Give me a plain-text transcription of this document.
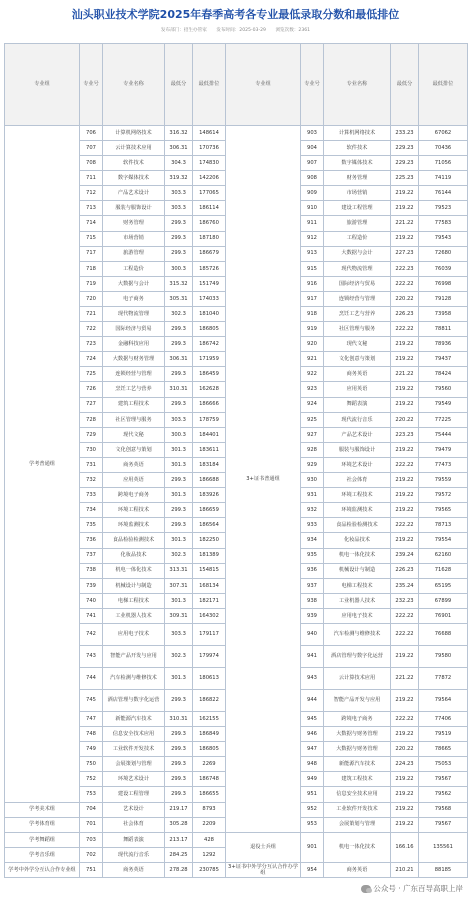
汕头职业技术学院2025年春季高考各专业最低录取分数和最低排位
发布部门：招生办管家 发布时间：2025-03-29 浏览次数：2361
专业组	专业号	专业名称	最低分	最低排位	专业组	专业号	专业名称	最低分	最低排位
学考普通组	706	计算机网络技术	316.32	148614	3+证书普通组	903	计算机网络技术	233.23	67062
	707	云计算技术应用	306.31	170736		904	软件技术	229.23	70436
	708	软件技术	304.3	174830		907	数字媒体技术	229.23	71056
	711	数字媒体技术	319.32	142206		908	财务管理	225.23	74119
	712	产品艺术设计	303.3	177065		909	市场营销	219.22	76144
	713	服装与服饰设计	303.3	186114		910	建设工程管理	219.22	79523
	714	财务管理	299.3	186760		911	旅游管理	221.22	77583
	715	市场营销	299.3	187180		912	工程造价	219.22	79543
	717	旅游管理	299.3	186679		913	大数据与会计	227.23	72680
	718	工程造价	300.3	185726		915	现代物流管理	222.23	76039
	719	大数据与会计	315.32	151749		916	国际经济与贸易	222.22	76998
	720	电子商务	305.31	174033		917	连锁经营与管理	220.22	79128
	721	现代物流管理	302.3	181040		918	烹饪工艺与营养	226.23	73958
	722	国际经济与贸易	299.3	186805		919	社区管理与服务	222.22	78811
	723	金融科技应用	299.3	186742		920	现代文秘	219.22	78936
	724	大数据与财务管理	306.31	171959		921	文化创意与策划	219.22	79437
	725	连锁经营与管理	299.3	186459		922	商务英语	221.22	78424
	726	烹饪工艺与营养	310.31	162628		923	应用英语	219.22	79560
	727	建筑工程技术	299.3	186666		924	舞蹈表演	219.22	79549
	728	社区管理与服务	303.3	178759		925	现代流行音乐	220.22	77225
	729	现代文秘	300.3	184401		927	产品艺术设计	223.23	75444
	730	文化创意与策划	301.3	183611		928	服装与服饰设计	219.22	79479
	731	商务英语	301.3	183184		929	环境艺术设计	222.22	77473
	732	应用英语	299.3	186688		930	社会体育	219.22	79559
	733	跨境电子商务	301.3	183926		931	环境工程技术	219.22	79572
	734	环境工程技术	299.3	186659		932	环境监测技术	219.22	79565
	735	环境监测技术	299.3	186564		933	食品检验检测技术	222.22	78713
	736	食品检验检测技术	301.3	182250		934	化妆品技术	219.22	79554
	737	化妆品技术	302.3	181389		935	机电一体化技术	239.24	62160
	738	机电一体化技术	313.31	154815		936	机械设计与制造	226.23	71628
	739	机械设计与制造	307.31	168134		937	电梯工程技术	235.24	65195
	740	电梯工程技术	301.3	182171		938	工业机器人技术	232.23	67899
	741	工业机器人技术	309.31	164302		939	应用电子技术	222.22	76901
	742	应用电子技术	303.3	179117		940	汽车检测与维修技术	222.22	76688
	743	智能产品开发与应用	302.3	179974		941	酒店管理与数字化运营	219.22	79580
	744	汽车检测与维修技术	301.3	180613		943	云计算技术应用	221.22	77872
	745	酒店管理与数字化运营	299.3	186822		944	智能产品开发与应用	219.22	79564
	747	新能源汽车技术	310.31	162155		945	跨境电子商务	222.22	77406
	748	信息安全技术应用	299.3	186849		946	大数据与财务管理	219.22	79519
	749	工业软件开发技术	299.3	186805		947	大数据与财务管理	220.22	78665
	750	会展策划与管理	299.3	2269		948	新能源汽车技术	224.23	75053
	752	环境艺术设计	299.3	186748		949	建筑工程技术	219.22	79567
	753	建设工程管理	299.3	186655		951	信息安全技术应用	219.22	79562
学考美术组	704	艺术设计	219.17	8793		952	工业软件开发技术	219.22	79568
学考体育组	701	社会体育	305.28	2209		953	会展策划与管理	219.22	79567
学考舞蹈组	703	舞蹈表演	213.17	428	退役士兵组	901	机电一体化技术	166.16	135561
学考音乐组	702	现代流行音乐	284.25	1292					
学考中外学分互认合作专业组	751	商务英语	278.28	230785	3+证书中外学分互认合作办学组	954	商务英语	210.21	88185
公众号 · 广东百导高职上岸
